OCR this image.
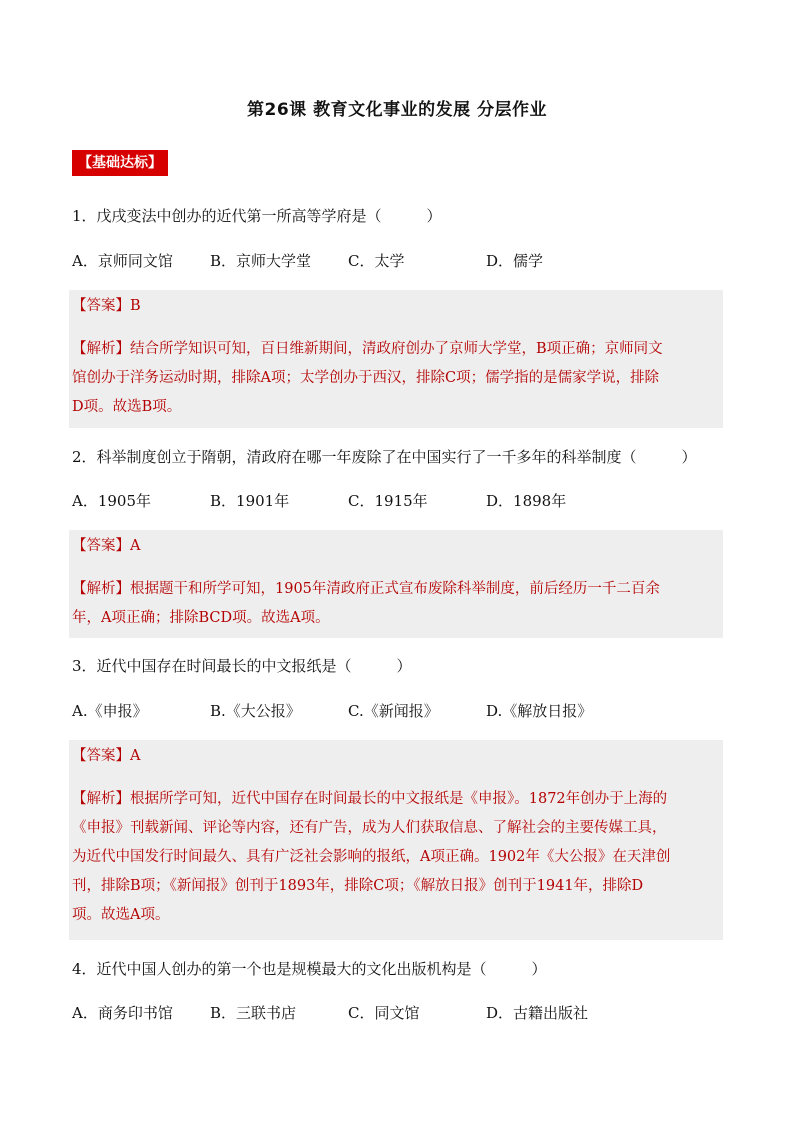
第26课 教育文化事业的发展 分层作业
【基础达标】
1．戊戌变法中创办的近代第一所高等学府是（　　　）
A．京师同文馆 B．京师大学堂 C．太学	D．儒学
【答案】B
【解析】结合所学知识可知，百日维新期间，清政府创办了京师大学堂，B项正确；京师同文
馆创办于洋务运动时期，排除A项；太学创办于西汉，排除C项；儒学指的是儒家学说，排除
D项。故选B项。
2．科举制度创立于隋朝，清政府在哪一年废除了在中国实行了一千多年的科举制度（　　　）
A．1905年	B．1901年	C．1915年	D．1898年
【答案】A
【解析】根据题干和所学可知，1905年清政府正式宣布废除科举制度，前后经历一千二百余
年，A项正确；排除BCD项。故选A项。
3．近代中国存在时间最长的中文报纸是（　　　）
A.《申报》	B.《大公报》	C.《新闻报》	D.《解放日报》
【答案】A
【解析】根据所学可知，近代中国存在时间最长的中文报纸是《申报》。1872年创办于上海的
《申报》刊载新闻、评论等内容，还有广告，成为人们获取信息、了解社会的主要传媒工具，
为近代中国发行时间最久、具有广泛社会影响的报纸，A项正确。1902年《大公报》在天津创
刊，排除B项；《新闻报》创刊于1893年，排除C项；《解放日报》创刊于1941年，排除D
项。故选A项。
4．近代中国人创办的第一个也是规模最大的文化出版机构是（　　　）
A．商务印书馆 B．三联书店	C．同文馆	D．古籍出版社
